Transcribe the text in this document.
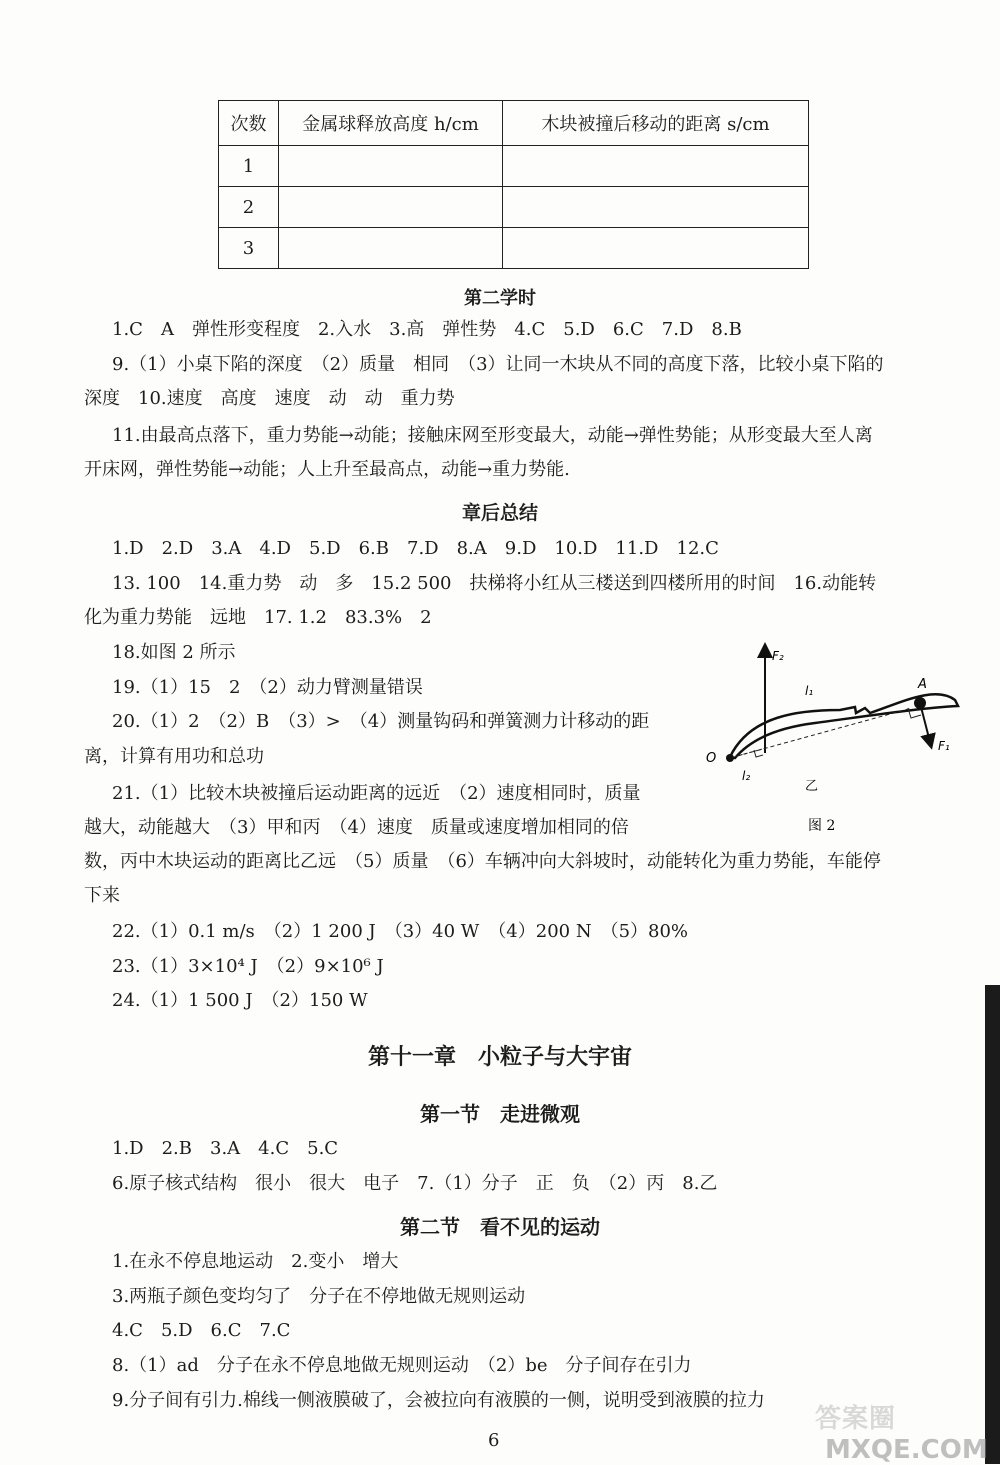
次数	金属球释放高度 h/cm	木块被撞后移动的距离 s/cm
1		
2		
3		
第二学时
1.C　A　弹性形变程度　2.入水　3.高　弹性势　4.C　5.D　6.C　7.D　8.B
9.（1）小桌下陷的深度　（2）质量　相同　（3）让同一木块从不同的高度下落，比较小桌下陷的
深度　10.速度　高度　速度　动　动　重力势
11.由最高点落下，重力势能→动能；接触床网至形变最大，动能→弹性势能；从形变最大至人离
开床网，弹性势能→动能；人上升至最高点，动能→重力势能.
章后总结
1.D　2.D　3.A　4.D　5.D　6.B　7.D　8.A　9.D　10.D　11.D　12.C
13. 100　14.重力势　动　多　15.2 500　扶梯将小红从三楼送到四楼所用的时间　16.动能转
化为重力势能　远地　17. 1.2　83.3%　2
18.如图 2 所示
19.（1）15　2　（2）动力臂测量错误
20.（1）2　（2）B　（3）>　（4）测量钩码和弹簧测力计移动的距
离，计算有用功和总功
21.（1）比较木块被撞后运动距离的远近　（2）速度相同时，质量
越大，动能越大　（3）甲和丙　（4）速度　质量或速度增加相同的倍
数，丙中木块运动的距离比乙远　（5）质量　（6）车辆冲向大斜坡时，动能转化为重力势能，车能停
下来
22.（1）0.1 m/s　（2）1 200 J　（3）40 W　（4）200 N　（5）80%
23.（1）3×10⁴ J　（2）9×10⁶ J
24.（1）1 500 J　（2）150 W
F₂
l₁	A
O
F₁
l₂
乙
图 2
第十一章　小粒子与大宇宙
第一节　走进微观
1.D　2.B　3.A　4.C　5.C
6.原子核式结构　很小　很大　电子　7.（1）分子　正　负　（2）丙　8.乙
第二节　看不见的运动
1.在永不停息地运动　2.变小　增大
3.两瓶子颜色变均匀了　分子在不停地做无规则运动
4.C　5.D　6.C　7.C
8.（1）ad　分子在永不停息地做无规则运动　（2）be　分子间存在引力
9.分子间有引力.棉线一侧液膜破了，会被拉向有液膜的一侧，说明受到液膜的拉力
6
答案圈
MXQE.COM
